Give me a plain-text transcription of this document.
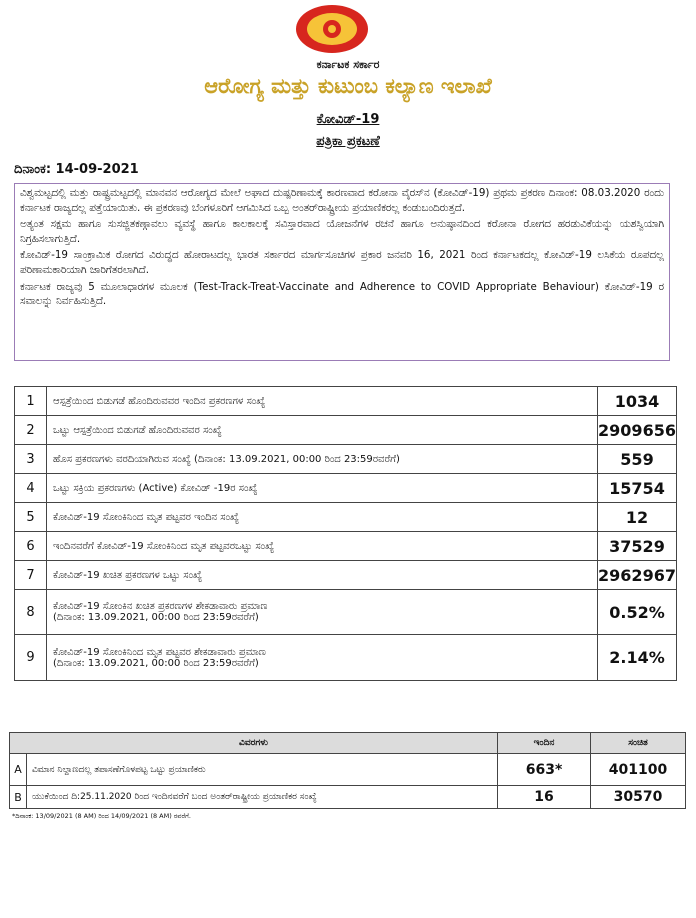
ಕರ್ನಾಟಕ ಸರ್ಕಾರ
ಆರೋಗ್ಯ ಮತ್ತು ಕುಟುಂಬ ಕಲ್ಯಾಣ ಇಲಾಖೆ
ಕೋವಿಡ್-19
ಪತ್ರಿಕಾ ಪ್ರಕಟಣೆ
ದಿನಾಂಕ: 14-09-2021

ವಿಶ್ವಮಟ್ಟದಲ್ಲಿ ಮತ್ತು ರಾಷ್ಟ್ರಮಟ್ಟದಲ್ಲಿ ಮಾನವನ ಆರೋಗ್ಯದ ಮೇಲೆ ಅಘಾದ ದುಷ್ಪರಿಣಾಮಕ್ಕೆ ಕಾರಣವಾದ ಕರೋನಾ ವೈರಸ್‌ನ (ಕೋವಿಡ್-19) ಪ್ರಥಮ ಪ್ರಕರಣ ದಿನಾಂಕ: 08.03.2020 ರಂದು ಕರ್ನಾಟಕ ರಾಜ್ಯದಲ್ಲ ಪತ್ತೆಯಾಯಿತು. ಈ ಪ್ರಕರಣವು ಬೆಂಗಳೂರಿಗೆ ಆಗಮಿಸಿದ ಒಬ್ಬ ಅಂತರ್‌ರಾಷ್ಟ್ರೀಯ ಪ್ರಯಾಣಿಕರಲ್ಲ ಕಂಡುಬಂದಿರುತ್ತದೆ.

ಅತ್ಯಂತ ಸಕ್ಷಮ ಹಾಗೂ ಸುಸಜ್ಜಿತಕಣ್ಗಾವಲು ವ್ಯವಸ್ಥೆ ಹಾಗೂ ಕಾಲಕಾಲಕ್ಕೆ ಸವಿಸ್ತಾರವಾದ ಯೋಜನೆಗಳ ರಚನೆ ಹಾಗೂ ಅನುಷ್ಠಾನದಿಂದ ಕರೋನಾ ರೋಗದ ಹರಡುವಿಕೆಯನ್ನು ಯಶಸ್ವಿಯಾಗಿ ನಿಗ್ರಹಿಸಲಾಗುತ್ತಿದೆ.

ಕೋವಿಡ್-19 ಸಾಂಕ್ರಾಮಿಕ ರೋಗದ ವಿರುದ್ಧದ ಹೋರಾಟದಲ್ಲ ಭಾರತ ಸರ್ಕಾರದ ಮಾರ್ಗಸೂಚಿಗಳ ಪ್ರಕಾರ ಜನವರಿ 16, 2021 ರಿಂದ ಕರ್ನಾಟಕದಲ್ಲ ಕೋವಿಡ್-19 ಲಸಿಕೆಯ ರೂಪದಲ್ಲ ಪರಿಣಾಮಕಾರಿಯಾಗಿ ಜಾರಿಗೆತರಲಾಗಿದೆ.

ಕರ್ನಾಟಕ ರಾಜ್ಯವು 5 ಮೂಲಾಧಾರಗಳ ಮೂಲಕ (Test-Track-Treat-Vaccinate and Adherence to COVID Appropriate Behaviour) ಕೋವಿಡ್-19 ರ ಸವಾಲನ್ನು ನಿರ್ವಹಿಸುತ್ತಿದೆ.

1	ಆಸ್ಪತ್ರೆಯಿಂದ ಬಿಡುಗಡೆ ಹೊಂದಿರುವವರ ಇಂದಿನ ಪ್ರಕರಣಗಳ ಸಂಖ್ಯೆ	1034
2	ಒಟ್ಟು ಆಸ್ಪತ್ರೆಯಿಂದ ಬಿಡುಗಡೆ ಹೊಂದಿರುವವರ ಸಂಖ್ಯೆ	2909656
3	ಹೊಸ ಪ್ರಕರಣಗಳು ವರದಿಯಾಗಿರುವ ಸಂಖ್ಯೆ (ದಿನಾಂಕ: 13.09.2021, 00:00 ರಿಂದ 23:59ರವರೆಗೆ)	559
4	ಒಟ್ಟು ಸಕ್ರಿಯ ಪ್ರಕರಣಗಳು (Active) ಕೋವಿಡ್ -19ರ ಸಂಖ್ಯೆ	15754
5	ಕೋವಿಡ್-19 ಸೋಂಕಿನಿಂದ ಮೃತ ಪಟ್ಟವರ ಇಂದಿನ ಸಂಖ್ಯೆ	12
6	ಇಂದಿನವರೆಗೆ ಕೋವಿಡ್-19 ಸೋಂಕಿನಿಂದ ಮೃತ ಪಟ್ಟವರಒಟ್ಟು ಸಂಖ್ಯೆ	37529
7	ಕೋವಿಡ್-19 ಖಚಿತ ಪ್ರಕರಣಗಳ ಒಟ್ಟು ಸಂಖ್ಯೆ	2962967
8	ಕೋವಿಡ್-19 ಸೋಂಕಿನ ಖಚಿತ ಪ್ರಕರಣಗಳ ಶೇಕಡಾವಾರು ಪ್ರಮಾಣ
(ದಿನಾಂಕ: 13.09.2021, 00:00 ರಿಂದ 23:59ರವರೆಗೆ)	0.52%
9	ಕೋವಿಡ್-19 ಸೋಂಕಿನಿಂದ ಮೃತ ಪಟ್ಟವರ ಶೇಕಡಾವಾರು ಪ್ರಮಾಣ
(ದಿನಾಂಕ: 13.09.2021, 00:00 ರಿಂದ 23:59ರವರೆಗೆ)	2.14%
ವಿವರಗಳು		ಇಂದಿನ	ಸಂಚಿತ
A	ವಿಮಾನ ನಿಲ್ದಾಣದಲ್ಲ ತಪಾಸಣೆಗೊಳಪಟ್ಟ ಒಟ್ಟು ಪ್ರಯಾಣಿಕರು	663*	401100
B	ಯುಕೆಯಿಂದ ದಿ:25.11.2020 ರಿಂದ ಇಂದಿನವರೆಗೆ ಬಂದ ಅಂತರ್‌ರಾಷ್ಟ್ರೀಯ ಪ್ರಯಾಣಿಕರ ಸಂಖ್ಯೆ	16	30570
*ದಿನಾಂಕ: 13/09/2021 (8 AM) ರಿಂದ 14/09/2021 (8 AM) ರವರೆಗೆ.
